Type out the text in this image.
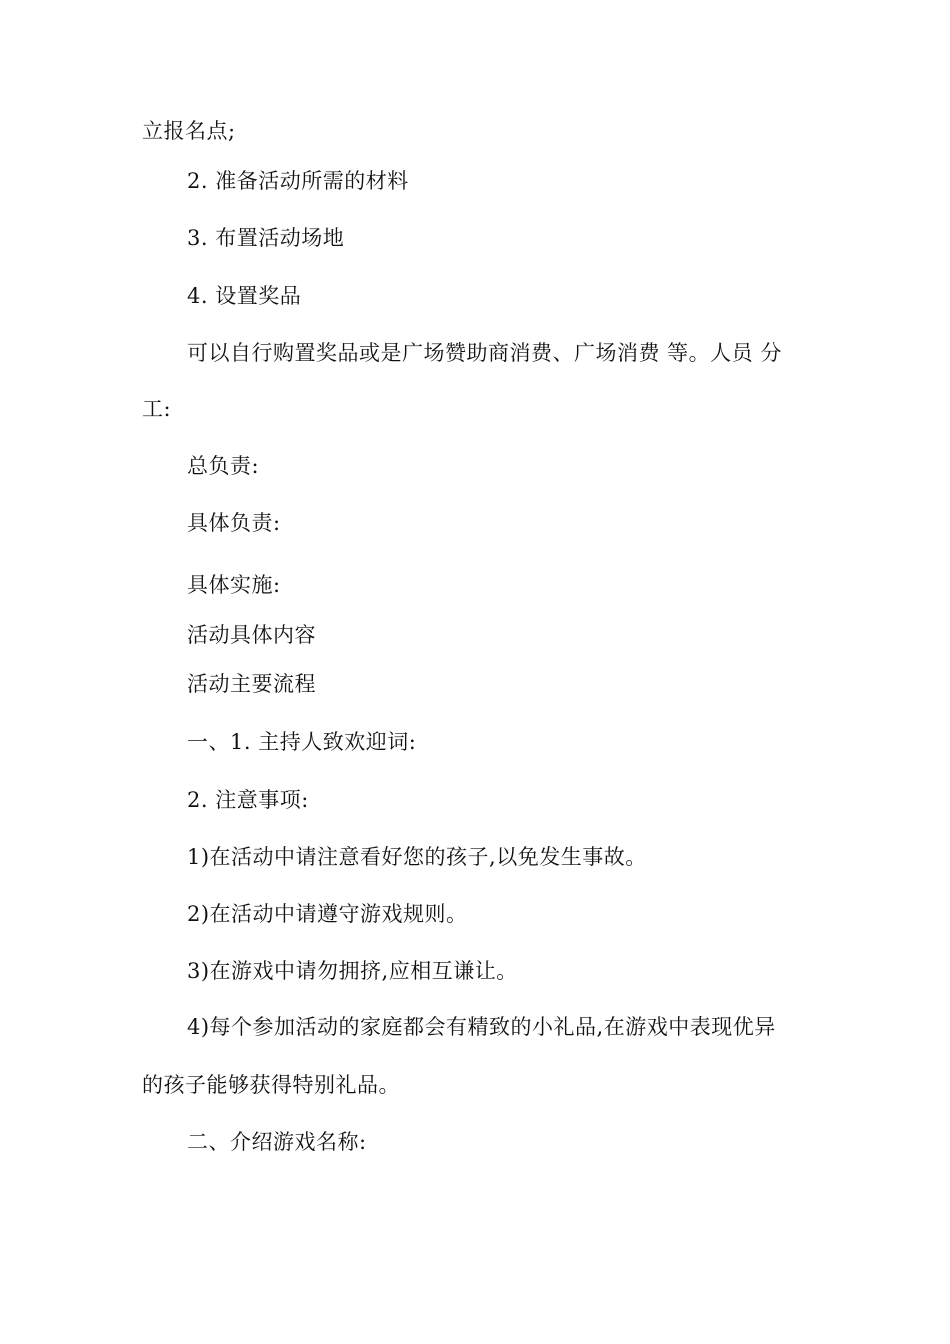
立报名点;
2. 准备活动所需的材料
3. 布置活动场地
4. 设置奖品
可以自行购置奖品或是广场赞助商消费、广场消费 等。人员 分
工:
总负责:
具体负责:
具体实施:
活动具体内容
活动主要流程
一、1. 主持人致欢迎词:
2. 注意事项:
1)在活动中请注意看好您的孩子,以免发生事故。
2)在活动中请遵守游戏规则。
3)在游戏中请勿拥挤,应相互谦让。
4)每个参加活动的家庭都会有精致的小礼品,在游戏中表现优异
的孩子能够获得特别礼品。
二、介绍游戏名称:
